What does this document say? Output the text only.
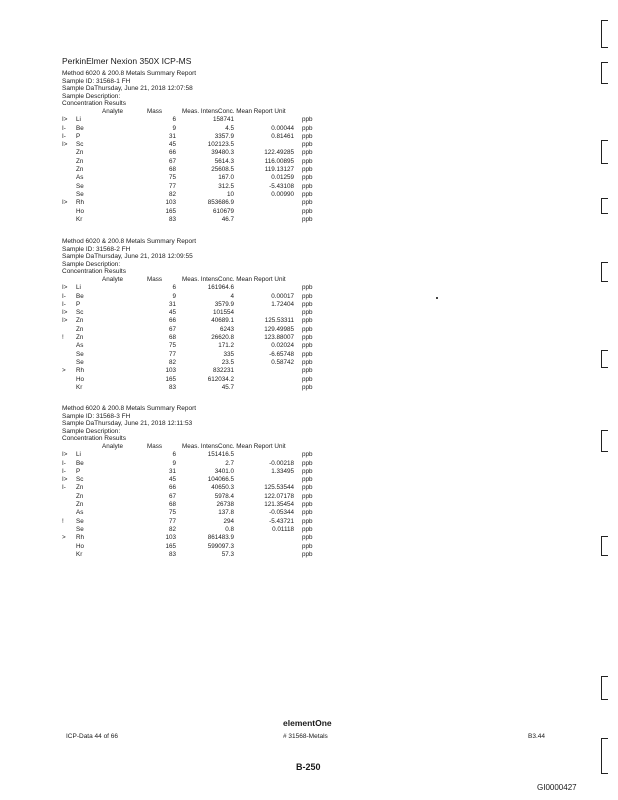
PerkinElmer Nexion 350X ICP-MS
Method 6020 & 200.8 Metals Summary Report
Sample ID: 31568-1 FH
Sample DaThursday, June 21, 2018 12:07:58
Sample Description:
Concentration Results
Analyte	Mass	Meas. IntensConc. Mean Report Unit
I> Li	6	158741	ppb
I- Be	9	4.5	0.00044 ppb
I- P	31	3357.9	0.81461 ppb
I> Sc	45	102123.5	ppb
Zn	66	39480.3	122.49285 ppb
Zn	67	5614.3	116.00895 ppb
Zn	68	25608.5	119.13127 ppb
As	75	167.0	0.01259 ppb
Se	77	312.5	-5.43108 ppb
Se	82	10	0.00990 ppb
I> Rh	103	853686.9	ppb
Ho	165	610679	ppb
Kr	83	46.7	ppb
Method 6020 & 200.8 Metals Summary Report
Sample ID: 31568-2 FH
Sample DaThursday, June 21, 2018 12:09:55
Sample Description:
Concentration Results
Analyte	Mass	Meas. IntensConc. Mean Report Unit
I> Li	6	161964.6	ppb
I- Be	9	4	0.00017 ppb
I- P	31	3579.9	1.72404 ppb
I> Sc	45	101554	ppb
I> Zn	66	40689.1	125.53311 ppb
Zn	67	6243	129.49985 ppb
! Zn	68	26620.8	123.88007 ppb
As	75	171.2	0.02024 ppb
Se	77	335	-6.65748 ppb
Se	82	23.5	0.58742 ppb
> Rh	103	832231	ppb
Ho	165	612034.2	ppb
Kr	83	45.7	ppb
Method 6020 & 200.8 Metals Summary Report
Sample ID: 31568-3 FH
Sample DaThursday, June 21, 2018 12:11:53
Sample Description:
Concentration Results
Analyte	Mass	Meas. IntensConc. Mean Report Unit
I> Li	6	151416.5	ppb
I- Be	9	2.7	-0.00218 ppb
I- P	31	3401.0	1.33495 ppb
I> Sc	45	104066.5	ppb
I- Zn	66	40650.3	125.53544 ppb
Zn	67	5978.4	122.07178 ppb
Zn	68	26738	121.35454 ppb
As	75	137.8	-0.05344 ppb
! Se	77	294	-5.43721 ppb
Se	82	0.8	0.01118 ppb
> Rh	103	861483.9	ppb
Ho	165	599097.3	ppb
Kr	83	57.3	ppb
elementOne
ICP-Data 44 of 66	# 31568-Metals	B3.44
B-250
GI0000427
